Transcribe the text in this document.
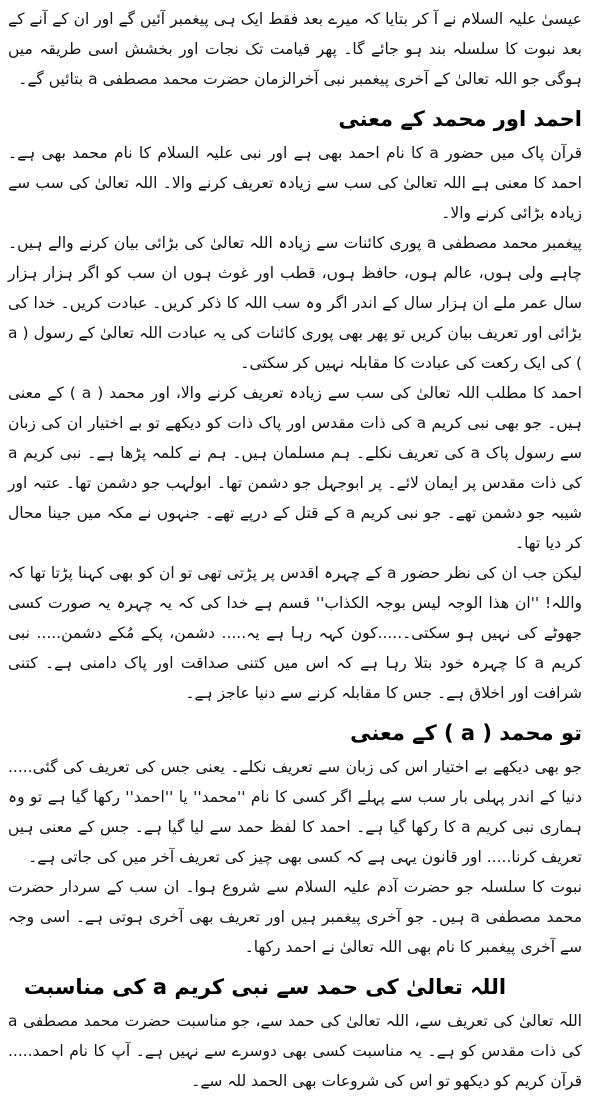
عیسیٰ علیہ السلام نے آ کر بتایا کہ میرے بعد فقط ایک ہی پیغمبر آئیں گے اور ان کے آنے کے بعد نبوت کا سلسلہ بند ہو جائے گا۔ پھر قیامت تک نجات اور بخشش اسی طریقہ میں ہوگی جو اللہ تعالیٰ کے آخری پیغمبر نبی آخرالزمان حضرت محمد مصطفی a بتائیں گے۔

احمد اور محمد کے معنی

قرآن پاک میں حضور a کا نام احمد بھی ہے اور نبی علیہ السلام کا نام محمد بھی ہے۔ احمد کا معنی ہے اللہ تعالیٰ کی سب سے زیادہ تعریف کرنے والا۔ اللہ تعالیٰ کی سب سے زیادہ بڑائی کرنے والا۔

پیغمبر محمد مصطفی a پوری کائنات سے زیادہ اللہ تعالیٰ کی بڑائی بیان کرنے والے ہیں۔ چاہے ولی ہوں، عالم ہوں، حافظ ہوں، قطب اور غوث ہوں ان سب کو اگر ہزار ہزار سال عمر ملے ان ہزار سال کے اندر اگر وہ سب اللہ کا ذکر کریں۔ عبادت کریں۔ خدا کی بڑائی اور تعریف بیان کریں تو پھر بھی پوری کائنات کی یہ عبادت اللہ تعالیٰ کے رسول ( a ) کی ایک رکعت کی عبادت کا مقابلہ نہیں کر سکتی۔

احمد کا مطلب اللہ تعالیٰ کی سب سے زیادہ تعریف کرنے والا، اور محمد ( a ) کے معنی ہیں۔ جو بھی نبی کریم a کی ذات مقدس اور پاک ذات کو دیکھے تو بے اختیار ان کی زبان سے رسول پاک a کی تعریف نکلے۔ ہم مسلمان ہیں۔ ہم نے کلمہ پڑھا ہے۔ نبی کریم a کی ذات مقدس پر ایمان لائے۔ پر ابوجہل جو دشمن تھا۔ ابولہب جو دشمن تھا۔ عتبہ اور شیبہ جو دشمن تھے۔ جو نبی کریم a کے قتل کے درپے تھے۔ جنہوں نے مکہ میں جینا محال کر دیا تھا۔

لیکن جب ان کی نظر حضور a کے چہرہ اقدس پر پڑتی تھی تو ان کو بھی کہنا پڑتا تھا کہ واللہ! ''ان ھذا الوجہ لیس بوجہ الکذاب'' قسم ہے خدا کی کہ یہ چہرہ یہ صورت کسی جھوٹے کی نہیں ہو سکتی۔.....کون کہہ رہا ہے یہ..... دشمن، پکے مُکے دشمن..... نبی کریم a کا چہرہ خود بتلا رہا ہے کہ اس میں کتنی صداقت اور پاک دامنی ہے۔ کتنی شرافت اور اخلاق ہے۔ جس کا مقابلہ کرنے سے دنیا عاجز ہے۔

تو محمد ( a ) کے معنی

جو بھی دیکھے بے اختیار اس کی زبان سے تعریف نکلے۔ یعنی جس کی تعریف کی گئی..... دنیا کے اندر پہلی بار سب سے پہلے اگر کسی کا نام ''محمد'' یا ''احمد'' رکھا گیا ہے تو وہ ہماری نبی کریم a کا رکھا گیا ہے۔ احمد کا لفظ حمد سے لیا گیا ہے۔ جس کے معنی ہیں تعریف کرنا..... اور قانون یہی ہے کہ کسی بھی چیز کی تعریف آخر میں کی جاتی ہے۔

نبوت کا سلسلہ جو حضرت آدم علیہ السلام سے شروع ہوا۔ ان سب کے سردار حضرت محمد مصطفی a ہیں۔ جو آخری پیغمبر ہیں اور تعریف بھی آخری ہوتی ہے۔ اسی وجہ سے آخری پیغمبر کا نام بھی اللہ تعالیٰ نے احمد رکھا۔

اللہ تعالیٰ کی حمد سے نبی کریم a کی مناسبت

اللہ تعالیٰ کی تعریف سے، اللہ تعالیٰ کی حمد سے، جو مناسبت حضرت محمد مصطفی a کی ذات مقدس کو ہے۔ یہ مناسبت کسی بھی دوسرے سے نہیں ہے۔ آپ کا نام احمد..... قرآن کریم کو دیکھو تو اس کی شروعات بھی الحمد للہ سے۔
